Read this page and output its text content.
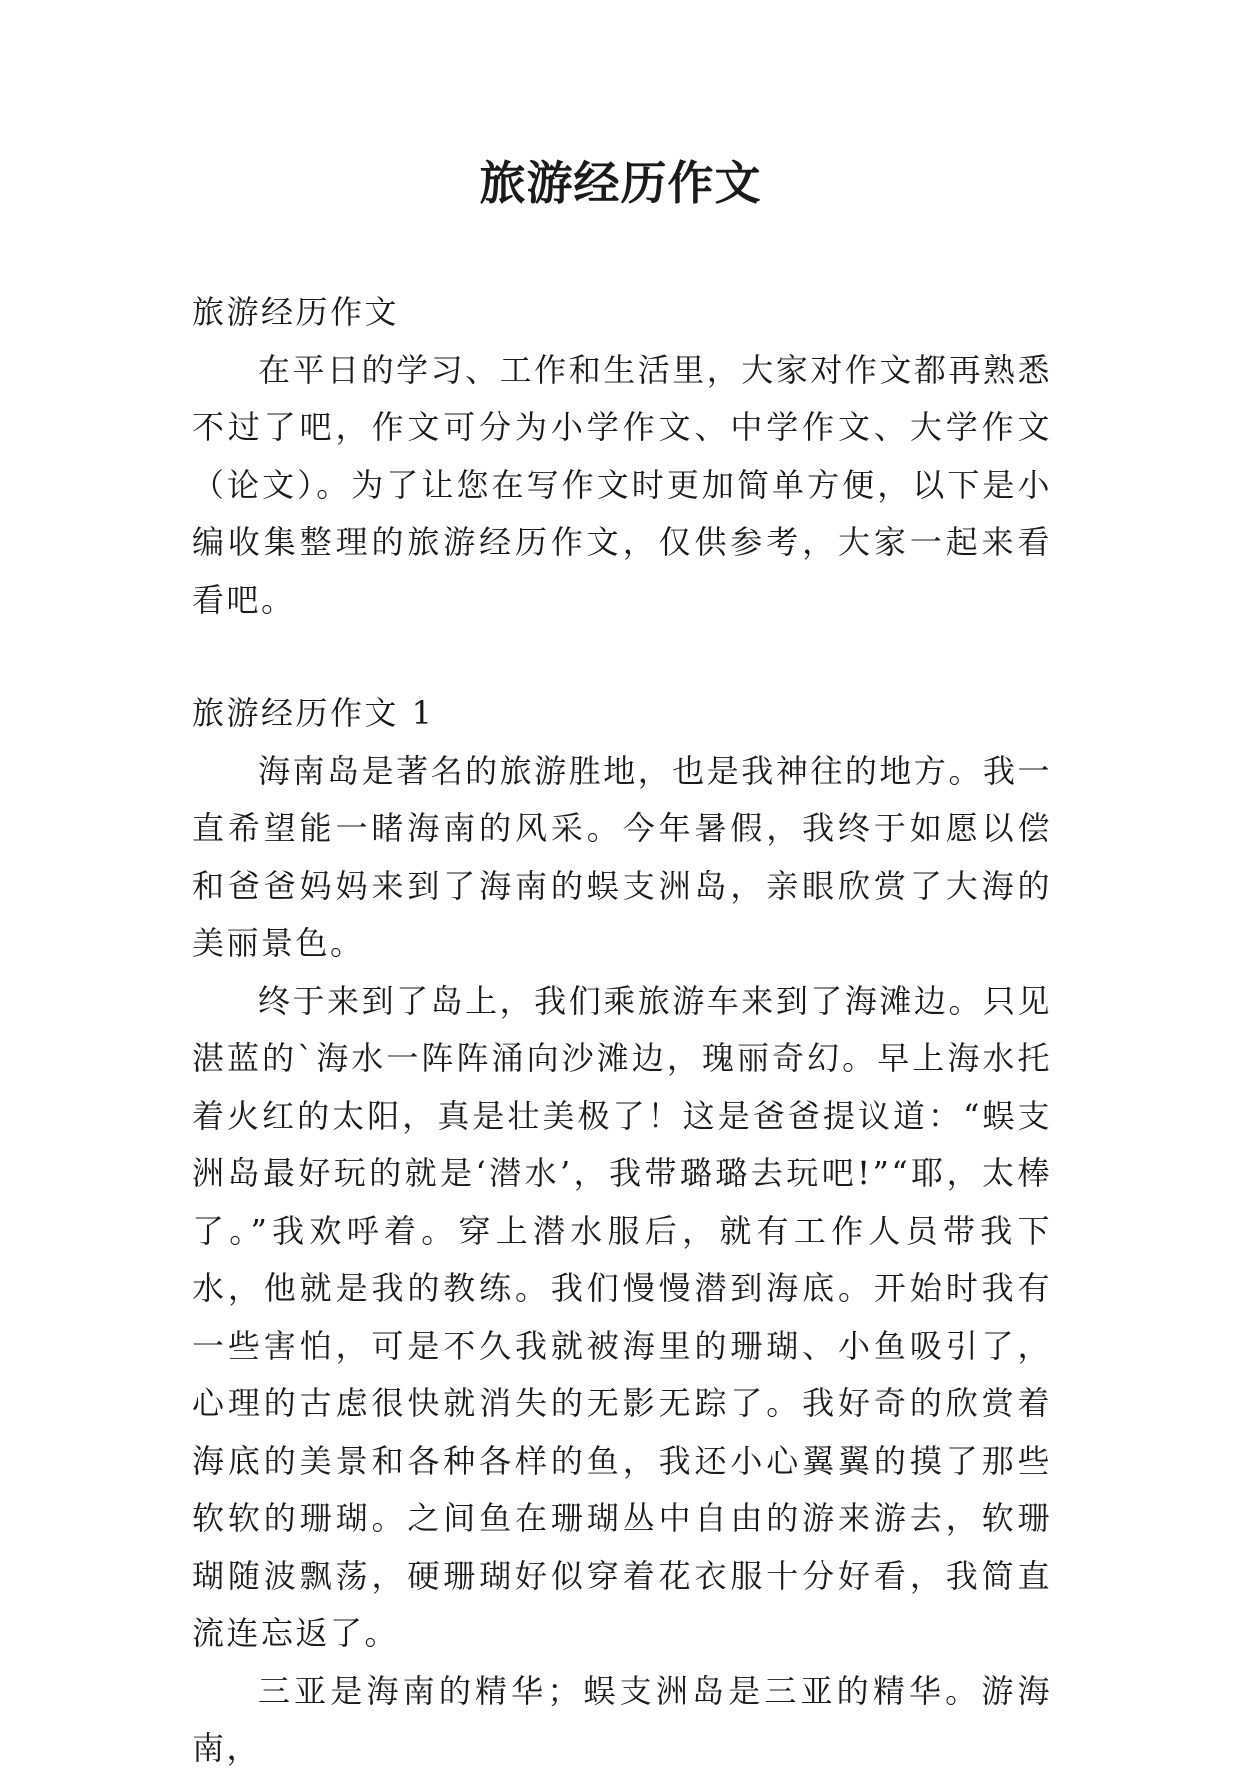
旅游经历作文

旅游经历作文

在平日的学习、工作和生活里，大家对作文都再熟悉不过了吧，作文可分为小学作文、中学作文、大学作文（论文）。为了让您在写作文时更加简单方便，以下是小编收集整理的旅游经历作文，仅供参考，大家一起来看看吧。

旅游经历作文 1

海南岛是著名的旅游胜地，也是我神往的地方。我一直希望能一睹海南的风采。今年暑假，我终于如愿以偿和爸爸妈妈来到了海南的蜈支洲岛，亲眼欣赏了大海的美丽景色。

终于来到了岛上，我们乘旅游车来到了海滩边。只见湛蓝的`海水一阵阵涌向沙滩边，瑰丽奇幻。早上海水托着火红的太阳，真是壮美极了！这是爸爸提议道：“蜈支洲岛最好玩的就是‘潜水’，我带璐璐去玩吧!”“耶，太棒了。”我欢呼着。穿上潜水服后，就有工作人员带我下水，他就是我的教练。我们慢慢潜到海底。开始时我有一些害怕，可是不久我就被海里的珊瑚、小鱼吸引了，心理的古虑很快就消失的无影无踪了。我好奇的欣赏着海底的美景和各种各样的鱼，我还小心翼翼的摸了那些软软的珊瑚。之间鱼在珊瑚丛中自由的游来游去，软珊瑚随波飘荡，硬珊瑚好似穿着花衣服十分好看，我简直流连忘返了。

三亚是海南的精华；蜈支洲岛是三亚的精华。游海南，
